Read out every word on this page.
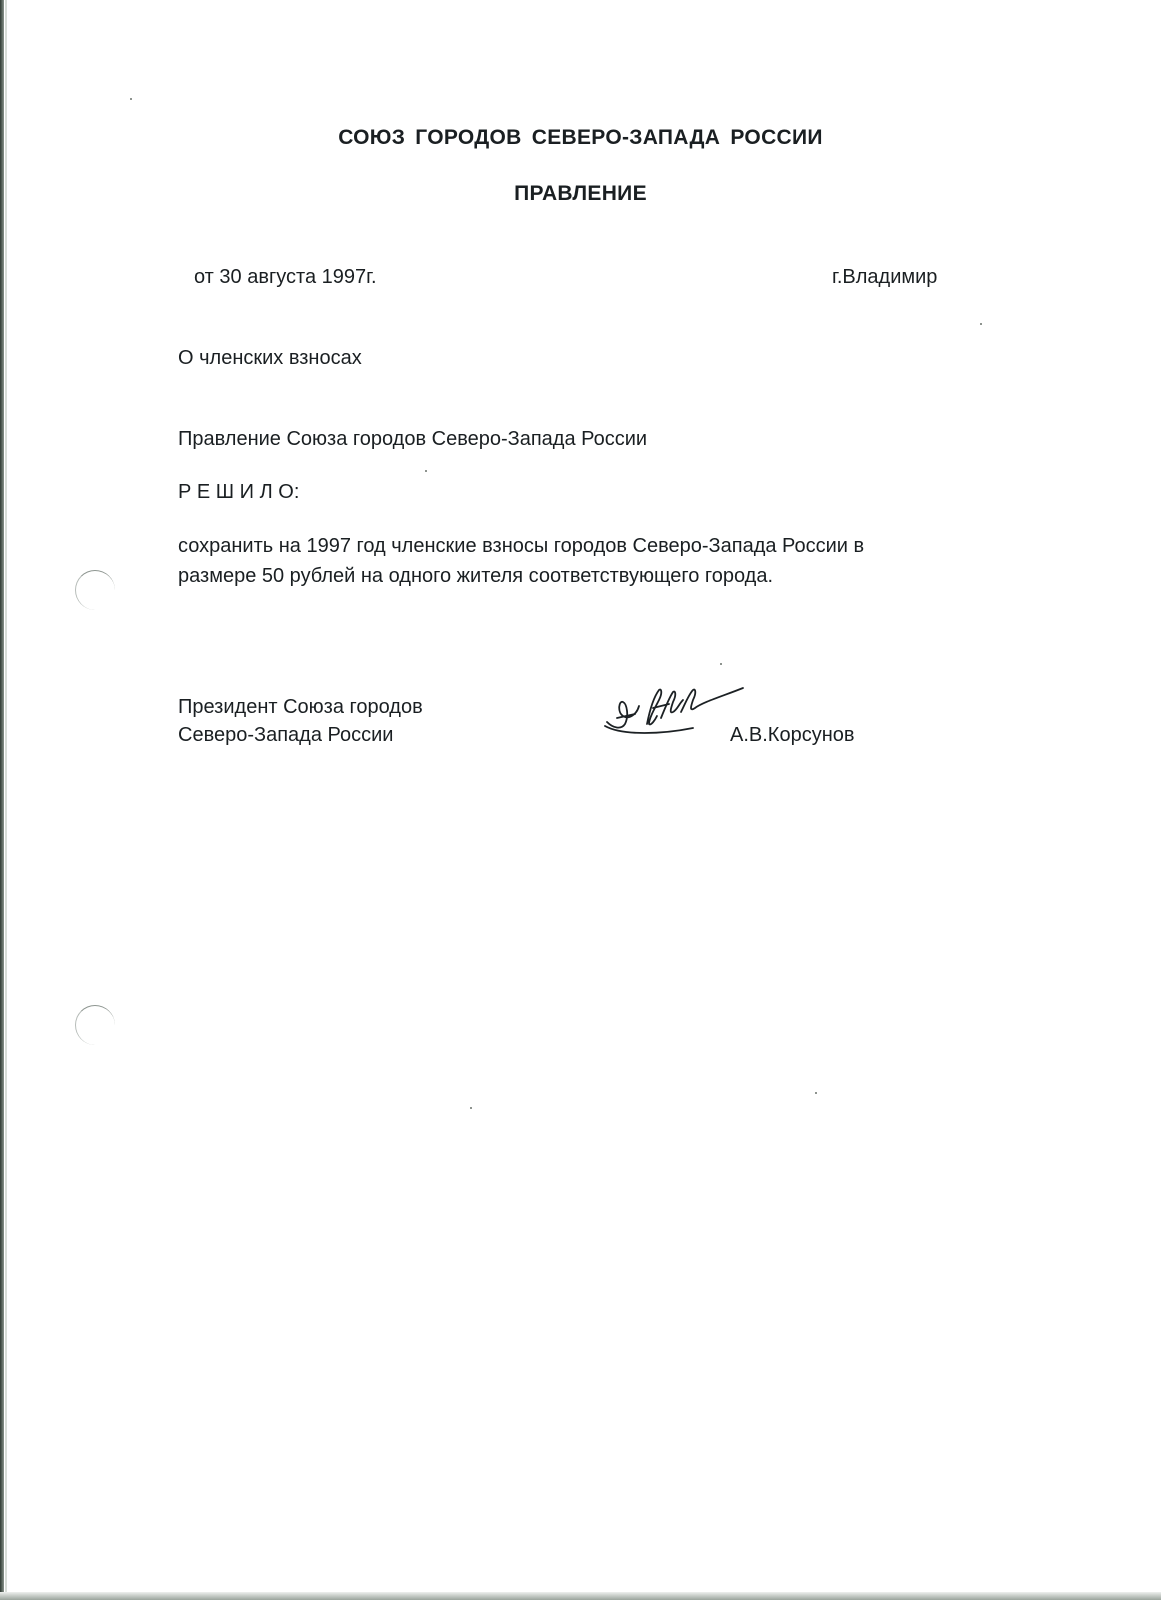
СОЮЗ ГОРОДОВ СЕВЕРО-ЗАПАДА РОССИИ
ПРАВЛЕНИЕ
от 30 августа 1997г.	г.Владимир
О членских взносах
Правление Союза городов Северо-Запада России
Р Е Ш И Л О:
сохранить на 1997 год членские взносы городов Северо-Запада России в
размере 50 рублей на одного жителя соответствующего города.
Президент Союза городов
Северо-Запада России	А.В.Корсунов
